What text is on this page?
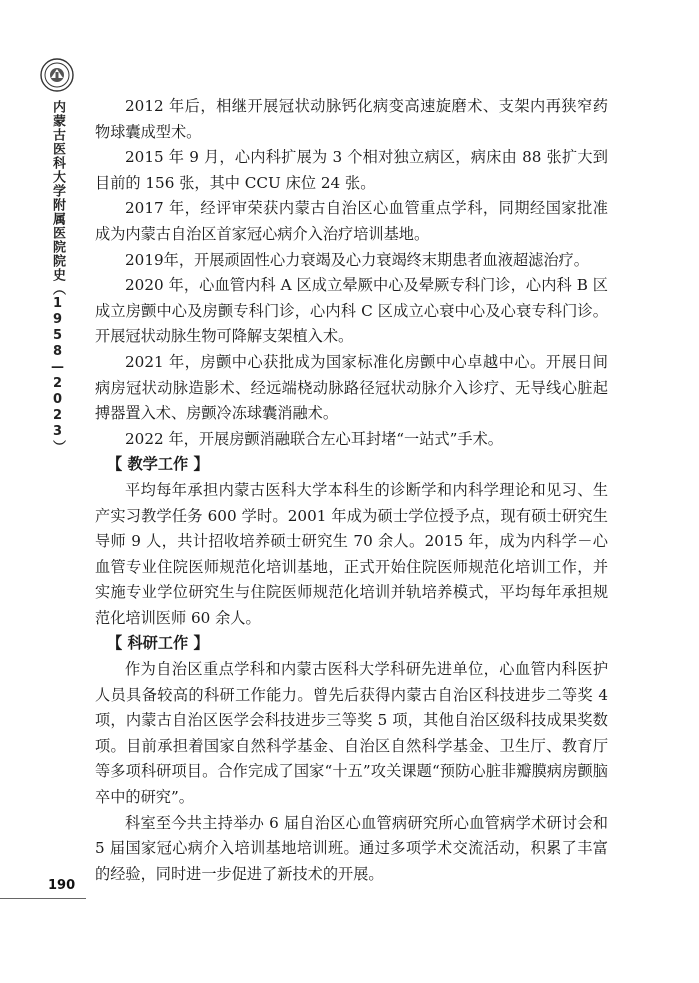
内蒙古医科大学附属医院院史（1958—2023）
190

2012 年后，相继开展冠状动脉钙化病变高速旋磨术、支架内再狭窄药物球囊成型术。

2015 年 9 月，心内科扩展为 3 个相对独立病区，病床由 88 张扩大到目前的 156 张，其中 CCU 床位 24 张。

2017 年，经评审荣获内蒙古自治区心血管重点学科，同期经国家批准成为内蒙古自治区首家冠心病介入治疗培训基地。

2019年，开展顽固性心力衰竭及心力衰竭终末期患者血液超滤治疗。

2020 年，心血管内科 A 区成立晕厥中心及晕厥专科门诊，心内科 B 区成立房颤中心及房颤专科门诊，心内科 C 区成立心衰中心及心衰专科门诊。开展冠状动脉生物可降解支架植入术。

2021 年，房颤中心获批成为国家标准化房颤中心卓越中心。开展日间病房冠状动脉造影术、经远端桡动脉路径冠状动脉介入诊疗、无导线心脏起搏器置入术、房颤冷冻球囊消融术。

2022 年，开展房颤消融联合左心耳封堵“一站式”手术。

【 教学工作 】

平均每年承担内蒙古医科大学本科生的诊断学和内科学理论和见习、生产实习教学任务 600 学时。2001 年成为硕士学位授予点，现有硕士研究生导师 9 人，共计招收培养硕士研究生 70 余人。2015 年，成为内科学－心血管专业住院医师规范化培训基地，正式开始住院医师规范化培训工作，并实施专业学位研究生与住院医师规范化培训并轨培养模式，平均每年承担规范化培训医师 60 余人。

【 科研工作 】

作为自治区重点学科和内蒙古医科大学科研先进单位，心血管内科医护人员具备较高的科研工作能力。曾先后获得内蒙古自治区科技进步二等奖 4 项，内蒙古自治区医学会科技进步三等奖 5 项，其他自治区级科技成果奖数项。目前承担着国家自然科学基金、自治区自然科学基金、卫生厅、教育厅等多项科研项目。合作完成了国家“十五”攻关课题“预防心脏非瓣膜病房颤脑卒中的研究”。

科室至今共主持举办 6 届自治区心血管病研究所心血管病学术研讨会和 5 届国家冠心病介入培训基地培训班。通过多项学术交流活动，积累了丰富的经验，同时进一步促进了新技术的开展。
